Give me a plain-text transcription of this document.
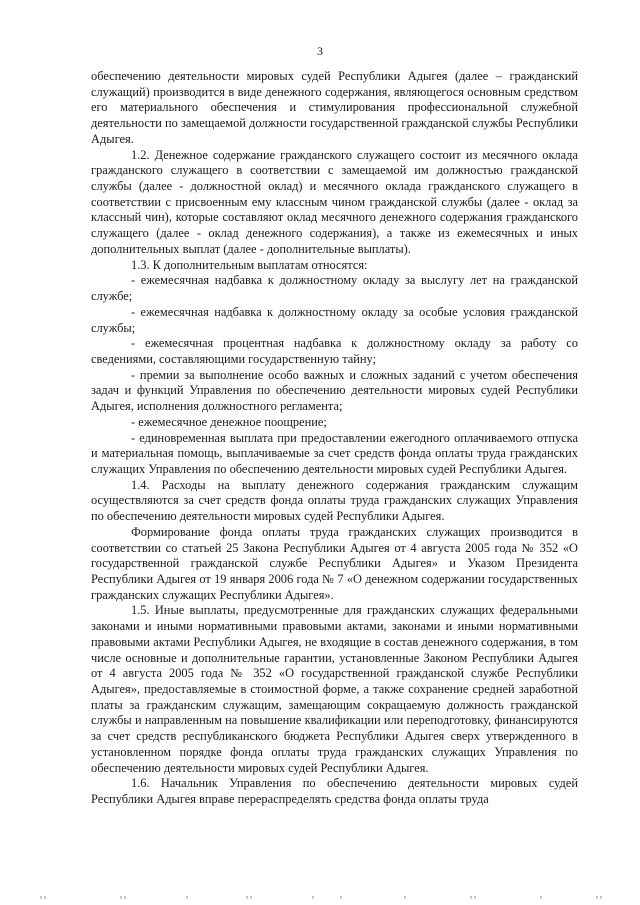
3

обеспечению деятельности мировых судей Республики Адыгея (далее – гражданский служащий) производится в виде денежного содержания, являющегося основным средством его материального обеспечения и стимулирования профессиональной служебной деятельности по замещаемой должности государственной гражданской службы Республики Адыгея.

1.2. Денежное содержание гражданского служащего состоит из месячного оклада гражданского служащего в соответствии с замещаемой им должностью гражданской службы (далее - должностной оклад) и месячного оклада гражданского служащего в соответствии с присвоенным ему классным чином гражданской службы (далее - оклад за классный чин), которые составляют оклад месячного денежного содержания гражданского служащего (далее - оклад денежного содержания), а также из ежемесячных и иных дополнительных выплат (далее - дополнительные выплаты).

1.3. К дополнительным выплатам относятся:

- ежемесячная надбавка к должностному окладу за выслугу лет на гражданской службе;

- ежемесячная надбавка к должностному окладу за особые условия гражданской службы;

- ежемесячная процентная надбавка к должностному окладу за работу со сведениями, составляющими государственную тайну;

- премии за выполнение особо важных и сложных заданий с учетом обеспечения задач и функций Управления по обеспечению деятельности мировых судей Республики Адыгея, исполнения должностного регламента;

- ежемесячное денежное поощрение;

- единовременная выплата при предоставлении ежегодного оплачиваемого отпуска и материальная помощь, выплачиваемые за счет средств фонда оплаты труда гражданских служащих Управления по обеспечению деятельности мировых судей Республики Адыгея.

1.4. Расходы на выплату денежного содержания гражданским служащим осуществляются за счет средств фонда оплаты труда гражданских служащих Управления по обеспечению деятельности мировых судей Республики Адыгея.

Формирование фонда оплаты труда гражданских служащих производится в соответствии со статьей 25 Закона Республики Адыгея от 4 августа 2005 года № 352 «О государственной гражданской службе Республики Адыгея» и Указом Президента Республики Адыгея от 19 января 2006 года № 7 «О денежном содержании государственных гражданских служащих Республики Адыгея».

1.5. Иные выплаты, предусмотренные для гражданских служащих федеральными законами и иными нормативными правовыми актами, законами и иными нормативными правовыми актами Республики Адыгея, не входящие в состав денежного содержания, в том числе основные и дополнительные гарантии, установленные Законом Республики Адыгея от 4 августа 2005 года № 352 «О государственной гражданской службе Республики Адыгея», предоставляемые в стоимостной форме, а также сохранение средней заработной платы за гражданским служащим, замещающим сокращаемую должность гражданской службы и направленным на повышение квалификации или переподготовку, финансируются за счет средств республиканского бюджета Республики Адыгея сверх утвержденного в установленном порядке фонда оплаты труда гражданских служащих Управления по обеспечению деятельности мировых судей Республики Адыгея.

1.6. Начальник Управления по обеспечению деятельности мировых судей Республики Адыгея вправе перераспределять средства фонда оплаты труда
